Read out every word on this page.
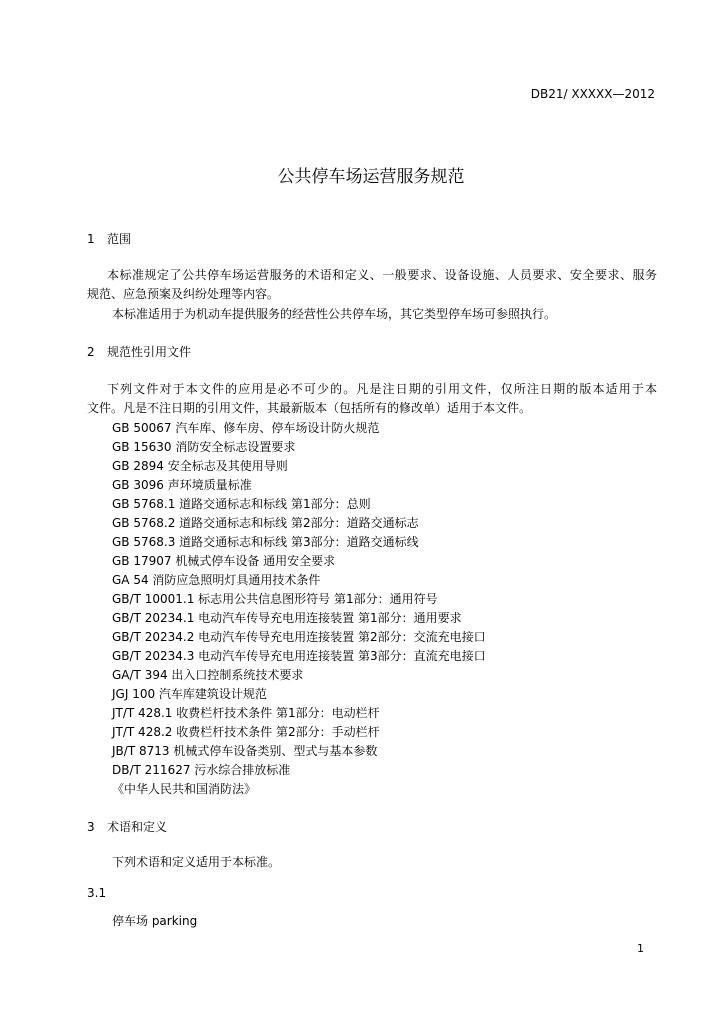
DB21/ XXXXX—2012
公共停车场运营服务规范
1 范围
本标准规定了公共停车场运营服务的术语和定义、一般要求、设备设施、人员要求、安全要求、服务
规范、应急预案及纠纷处理等内容。
本标准适用于为机动车提供服务的经营性公共停车场，其它类型停车场可参照执行。
2 规范性引用文件
下列文件对于本文件的应用是必不可少的。凡是注日期的引用文件，仅所注日期的版本适用于本
文件。凡是不注日期的引用文件，其最新版本（包括所有的修改单）适用于本文件。
GB 50067 汽车库、修车房、停车场设计防火规范
GB 15630 消防安全标志设置要求
GB 2894 安全标志及其使用导则
GB 3096 声环境质量标准
GB 5768.1 道路交通标志和标线 第1部分：总则
GB 5768.2 道路交通标志和标线 第2部分：道路交通标志
GB 5768.3 道路交通标志和标线 第3部分：道路交通标线
GB 17907 机械式停车设备 通用安全要求
GA 54 消防应急照明灯具通用技术条件
GB/T 10001.1 标志用公共信息图形符号 第1部分：通用符号
GB/T 20234.1 电动汽车传导充电用连接装置 第1部分：通用要求
GB/T 20234.2 电动汽车传导充电用连接装置 第2部分：交流充电接口
GB/T 20234.3 电动汽车传导充电用连接装置 第3部分：直流充电接口
GA/T 394 出入口控制系统技术要求
JGJ 100 汽车库建筑设计规范
JT/T 428.1 收费栏杆技术条件 第1部分：电动栏杆
JT/T 428.2 收费栏杆技术条件 第2部分：手动栏杆
JB/T 8713 机械式停车设备类别、型式与基本参数
DB/T 211627 污水综合排放标准
《中华人民共和国消防法》
3 术语和定义
下列术语和定义适用于本标准。
3.1
停车场 parking
1
